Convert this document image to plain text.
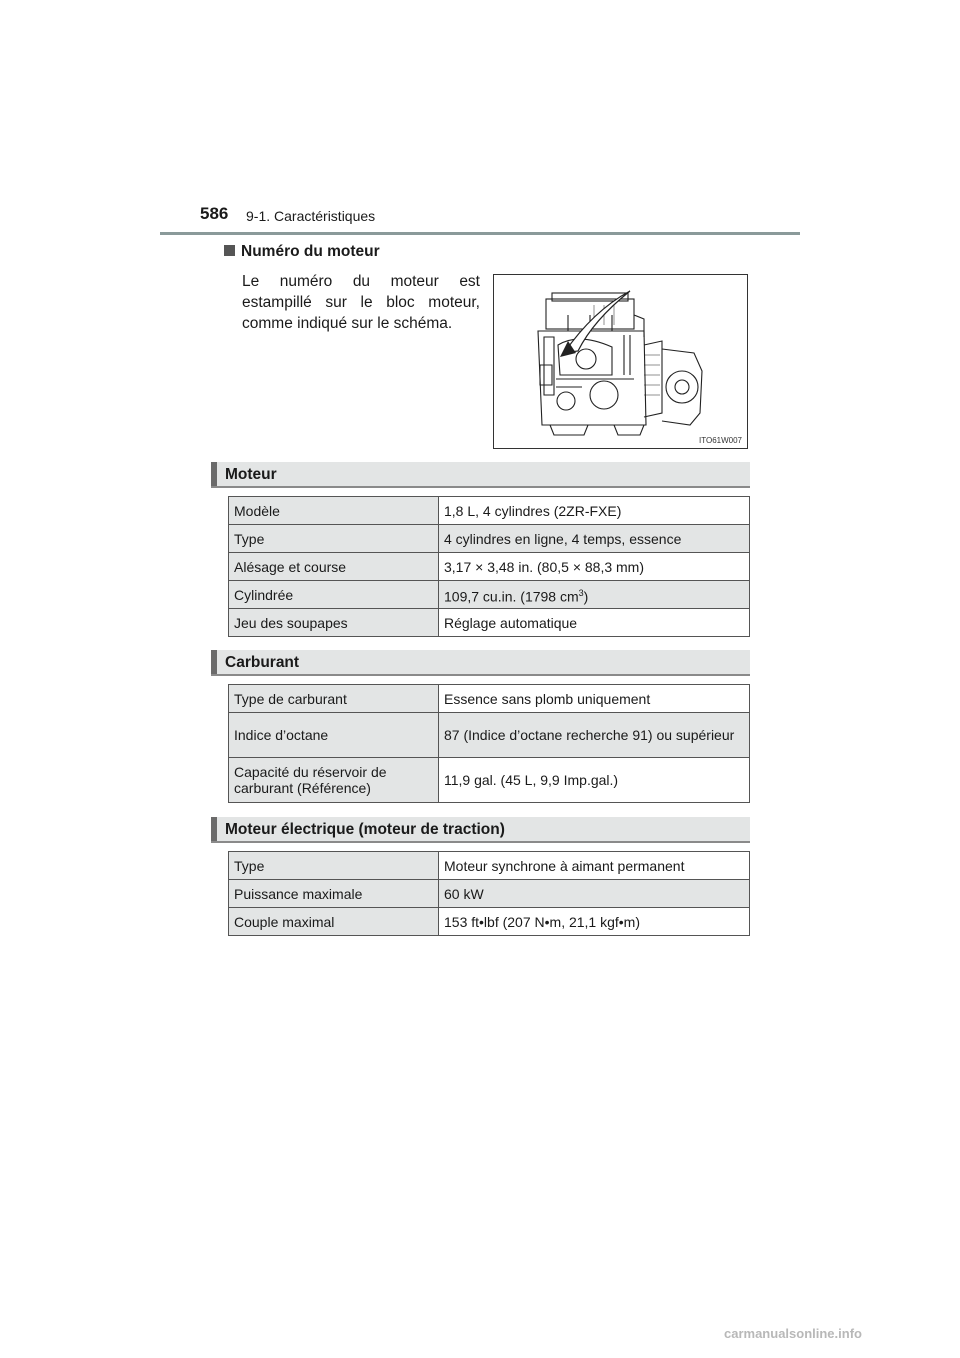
586 9-1. Caractéristiques
Numéro du moteur
Le numéro du moteur est estampillé sur le bloc moteur, comme indiqué sur le schéma.
ITO61W007
Moteur
Modèle	1,8 L, 4 cylindres (2ZR-FXE)
Type	4 cylindres en ligne, 4 temps, essence
Alésage et course	3,17 × 3,48 in. (80,5 × 88,3 mm)
Cylindrée	109,7 cu.in. (1798 $cm^3$)
Jeu des soupapes	Réglage automatique
Carburant
Type de carburant	Essence sans plomb uniquement
Indice d’octane	87 (Indice d’octane recherche 91) ou supérieur
Capacité du réservoir de carburant (Référence)	11,9 gal. (45 L, 9,9 Imp.gal.)
Moteur électrique (moteur de traction)
Type	Moteur synchrone à aimant permanent
Puissance maximale	60 kW
Couple maximal	153 ft•lbf (207 N•m, 21,1 kgf•m)
carmanualsonline.info
